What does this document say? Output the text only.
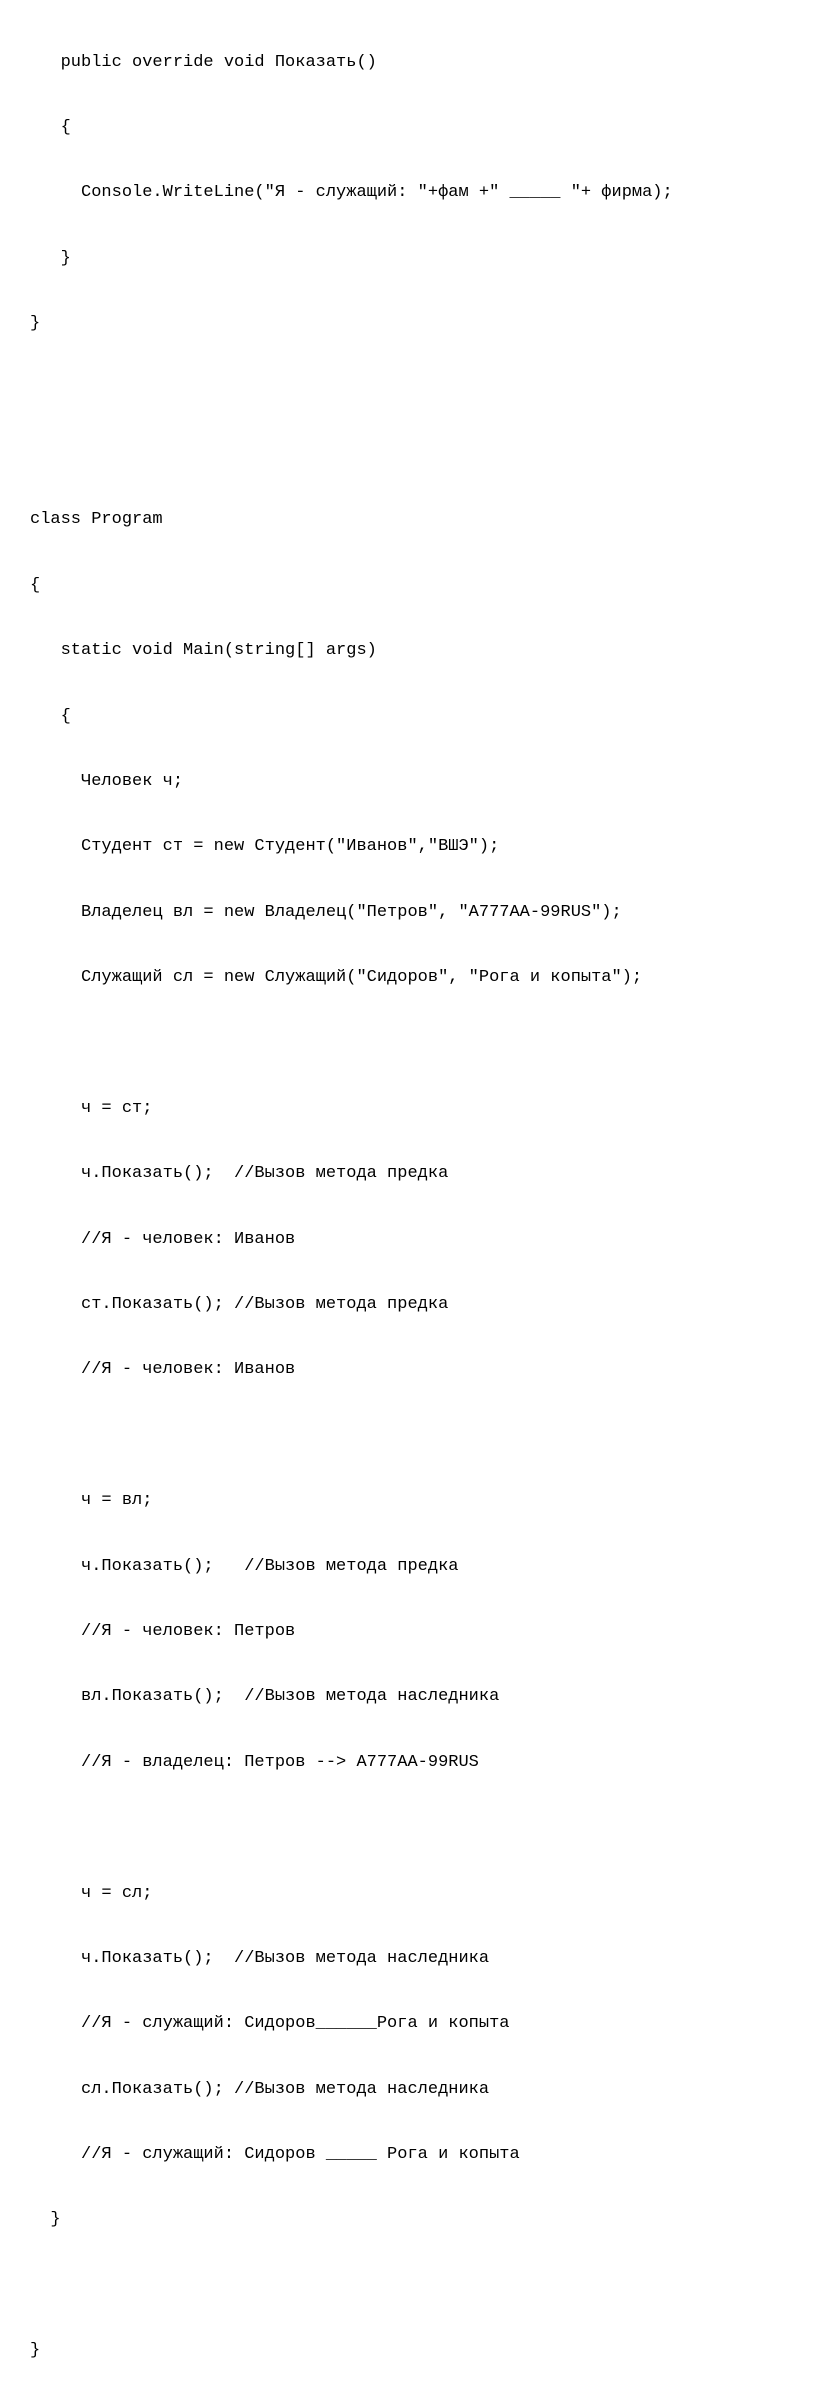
public override void Показать()

{

Console.WriteLine("Я - служащий: "+фам +" _____ "+ фирма);

}

}

class Program

{

static void Main(string[] args)

{

Человек ч;

Студент ст = new Студент("Иванов","ВШЭ");

Владелец вл = new Владелец("Петров", "А777АА-99RUS");

Служащий сл = new Служащий("Сидоров", "Рога и копыта");

ч = ст;

ч.Показать();  //Вызов метода предка

//Я - человек: Иванов

ст.Показать(); //Вызов метода предка

//Я - человек: Иванов

ч = вл;

ч.Показать();   //Вызов метода предка

//Я - человек: Петров

вл.Показать();  //Вызов метода наследника

//Я - владелец: Петров --> А777АА-99RUS

ч = сл;

ч.Показать();  //Вызов метода наследника

//Я - служащий: Сидоров______Рога и копыта

сл.Показать(); //Вызов метода наследника

//Я - служащий: Сидоров _____ Рога и копыта

}

}
